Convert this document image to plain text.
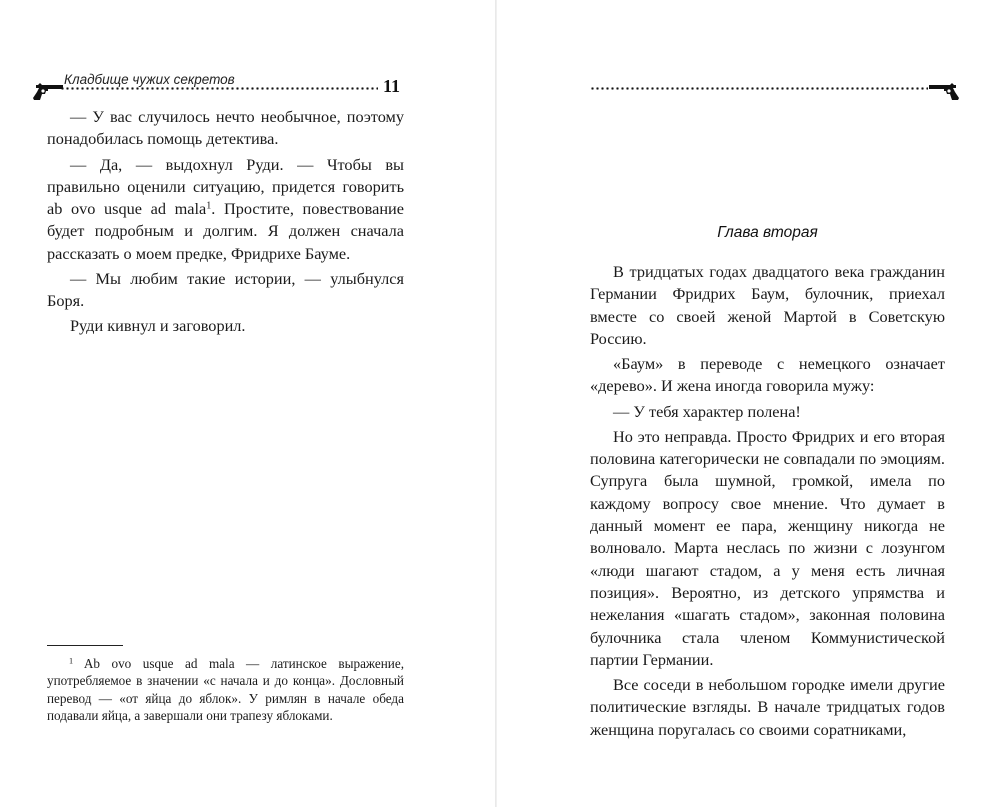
Кладбище чужих секретов	11

— У вас случилось нечто необычное, поэтому понадобилась помощь детектива.

— Да, — выдохнул Руди. — Чтобы вы правильно оценили ситуацию, придется говорить ab ovo usque ad mala$^1$. Простите, повествование будет подробным и долгим. Я должен сначала рассказать о моем предке, Фридрихе Бауме.

— Мы любим такие истории, — улыбнулся Боря.

Руди кивнул и заговорил.

$^1$ Ab ovo usque ad mala — латинское выражение, употребляемое в значении «с начала и до конца». Дословный перевод — «от яйца до яблок». У римлян в начале обеда подавали яйца, а завершали они трапезу яблоками.

Глава вторая

В тридцатых годах двадцатого века гражданин Германии Фридрих Баум, булочник, приехал вместе со своей женой Мартой в Советскую Россию.

«Баум» в переводе с немецкого означает «дерево». И жена иногда говорила мужу:

— У тебя характер полена!

Но это неправда. Просто Фридрих и его вторая половина категорически не совпадали по эмоциям. Супруга была шумной, громкой, имела по каждому вопросу свое мнение. Что думает в данный момент ее пара, женщину никогда не волновало. Марта неслась по жизни с лозунгом «люди шагают стадом, а у меня есть личная позиция». Вероятно, из детского упрямства и нежелания «шагать стадом», законная половина булочника стала членом Коммунистической партии Германии.

Все соседи в небольшом городке имели другие политические взгляды. В начале тридцатых годов женщина поругалась со своими соратниками,
